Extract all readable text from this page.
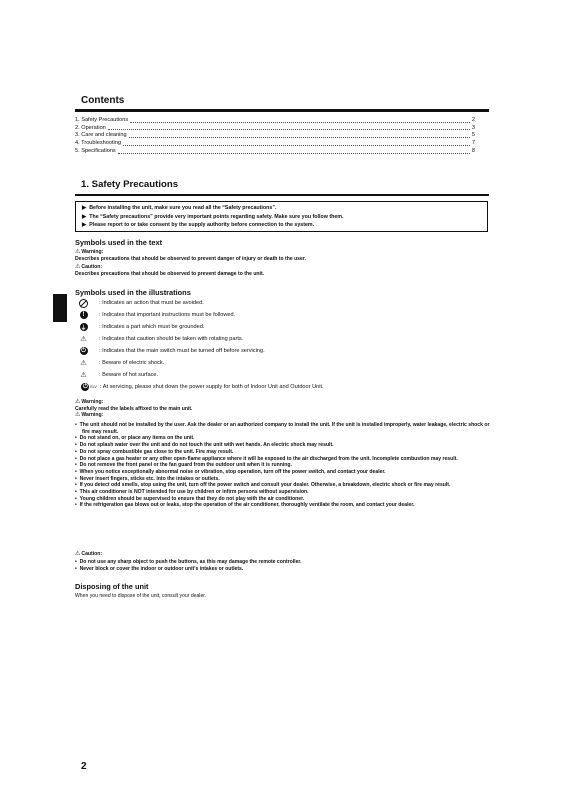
Contents
1. Safety Precautions	2
2. Operation	3
3. Care and cleaning	5
4. Troubleshooting	7
5. Specifications	8
1. Safety Precautions
▶ Before installing the unit, make sure you read all the “Safety precautions”.
▶ The “Safety precautions” provide very important points regarding safety. Make sure you follow them.
▶ Please report to or take consent by the supply authority before connection to the system.
Symbols used in the text
⚠Warning:
Describes precautions that should be observed to prevent danger of injury or death to the user.
⚠Caution:
Describes precautions that should be observed to prevent damage to the unit.
Symbols used in the illustrations
: Indicates an action that must be avoided.
!	: Indicates that important instructions must be followed.
⏚ : Indicates a part which must be grounded.
⚠ : Indicates that caution should be taken with rotating parts.
⏻ : Indicates that the main switch must be turned off before servicing.
⚠ : Beware of electric shock.
⚠ : Beware of hot surface.
⏻ ELV : At servicing, please shut down the power supply for both of Indoor Unit and Outdoor Unit.
⚠Warning:
Carefully read the labels affixed to the main unit.
⚠Warning:
•  The unit should not be installed by the user. Ask the dealer or an authorized company to install the unit. If the unit is installed improperly, water leakage, electric shock or fire may result.
•  Do not stand on, or place any items on the unit.
•  Do not splash water over the unit and do not touch the unit with wet hands. An electric shock may result.
•  Do not spray combustible gas close to the unit. Fire may result.
•  Do not place a gas heater or any other open-flame appliance where it will be exposed to the air discharged from the unit. Incomplete combustion may result.
•  Do not remove the front panel or the fan guard from the outdoor unit when it is running.
•  When you notice exceptionally abnormal noise or vibration, stop operation, turn off the power switch, and contact your dealer.
•  Never insert fingers, sticks etc. into the intakes or outlets.
•  If you detect odd smells, stop using the unit, turn off the power switch and consult your dealer. Otherwise, a breakdown, electric shock or fire may result.
•  This air conditioner is NOT intended for use by children or infirm persons without supervision.
•  Young children should be supervised to ensure that they do not play with the air conditioner.
•  If the refrigeration gas blows out or leaks, stop the operation of the air conditioner, thoroughly ventilate the room, and contact your dealer.
⚠Caution:
•  Do not use any sharp object to push the buttons, as this may damage the remote controller.
•  Never block or cover the indoor or outdoor unit's intakes or outlets.
Disposing of the unit
When you need to dispose of the unit, consult your dealer.
2
